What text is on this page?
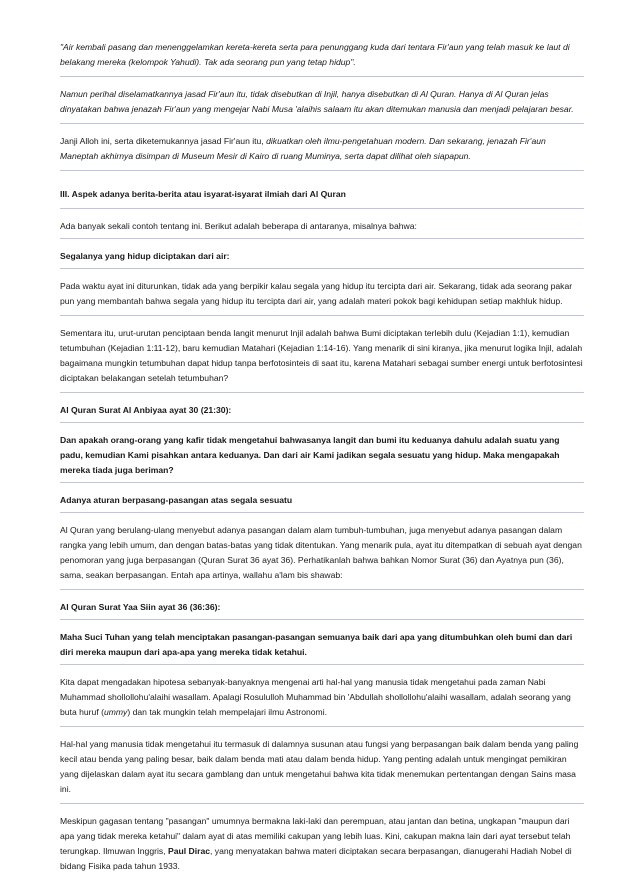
"Air kembali pasang dan menenggelamkan kereta-kereta serta para penunggang kuda dari tentara Fir'aun yang telah masuk ke laut di belakang mereka (kelompok Yahudi). Tak ada seorang pun yang tetap hidup".

Namun perihal diselamatkannya jasad Fir'aun itu, tidak disebutkan di Injil, hanya disebutkan di Al Quran. Hanya di Al Quran jelas dinyatakan bahwa jenazah Fir'aun yang mengejar Nabi Musa 'alaihis salaam itu akan ditemukan manusia dan menjadi pelajaran besar.

Janji Alloh ini, serta diketemukannya jasad Fir'aun itu, dikuatkan oleh ilmu-pengetahuan modern. Dan sekarang, jenazah Fir'aun Maneptah akhirnya disimpan di Museum Mesir di Kairo di ruang Muminya, serta dapat dilihat oleh siapapun.

III. Aspek adanya berita-berita atau isyarat-isyarat ilmiah dari Al Quran

Ada banyak sekali contoh tentang ini. Berikut adalah beberapa di antaranya, misalnya bahwa:

Segalanya yang hidup diciptakan dari air:

Pada waktu ayat ini diturunkan, tidak ada yang berpikir kalau segala yang hidup itu tercipta dari air. Sekarang, tidak ada seorang pakar pun yang membantah bahwa segala yang hidup itu tercipta dari air, yang adalah materi pokok bagi kehidupan setiap makhluk hidup.

Sementara itu, urut-urutan penciptaan benda langit menurut Injil adalah bahwa Bumi diciptakan terlebih dulu (Kejadian 1:1), kemudian tetumbuhan (Kejadian 1:11-12), baru kemudian Matahari (Kejadian 1:14-16). Yang menarik di sini kiranya, jika menurut logika Injil, adalah bagaimana mungkin tetumbuhan dapat hidup tanpa berfotosinteis di saat itu, karena Matahari sebagai sumber energi untuk berfotosintesi diciptakan belakangan setelah tetumbuhan?

Al Quran Surat Al Anbiyaa ayat 30 (21:30):

Dan apakah orang-orang yang kafir tidak mengetahui bahwasanya langit dan bumi itu keduanya dahulu adalah suatu yang padu, kemudian Kami pisahkan antara keduanya. Dan dari air Kami jadikan segala sesuatu yang hidup. Maka mengapakah mereka tiada juga beriman?

Adanya aturan berpasang-pasangan atas segala sesuatu

Al Quran yang berulang-ulang menyebut adanya pasangan dalam alam tumbuh-tumbuhan, juga menyebut adanya pasangan dalam rangka yang lebih umum, dan dengan batas-batas yang tidak ditentukan. Yang menarik pula, ayat itu ditempatkan di sebuah ayat dengan penomoran yang juga berpasangan (Quran Surat 36 ayat 36). Perhatikanlah bahwa bahkan Nomor Surat (36) dan Ayatnya pun (36), sama, seakan berpasangan. Entah apa artinya, wallahu a'lam bis shawab:

Al Quran Surat Yaa Siin ayat 36 (36:36):

Maha Suci Tuhan yang telah menciptakan pasangan-pasangan semuanya baik dari apa yang ditumbuhkan oleh bumi dan dari diri mereka maupun dari apa-apa yang mereka tidak ketahui.

Kita dapat mengadakan hipotesa sebanyak-banyaknya mengenai arti hal-hal yang manusia tidak mengetahui pada zaman Nabi Muhammad shollollohu'alaihi wasallam. Apalagi Rosululloh Muhammad bin 'Abdullah shollollohu'alaihi wasallam, adalah seorang yang buta huruf (ummy) dan tak mungkin telah mempelajari ilmu Astronomi.

Hal-hal yang manusia tidak mengetahui itu termasuk di dalamnya susunan atau fungsi yang berpasangan baik dalam benda yang paling kecil atau benda yang paling besar, baik dalam benda mati atau dalam benda hidup. Yang penting adalah untuk mengingat pemikiran yang dijelaskan dalam ayat itu secara gamblang dan untuk mengetahui bahwa kita tidak menemukan pertentangan dengan Sains masa ini.

Meskipun gagasan tentang "pasangan" umumnya bermakna laki-laki dan perempuan, atau jantan dan betina, ungkapan "maupun dari apa yang tidak mereka ketahui" dalam ayat di atas memiliki cakupan yang lebih luas. Kini, cakupan makna lain dari ayat tersebut telah terungkap. Ilmuwan Inggris, Paul Dirac, yang menyatakan bahwa materi diciptakan secara berpasangan, dianugerahi Hadiah Nobel di bidang Fisika pada tahun 1933.
